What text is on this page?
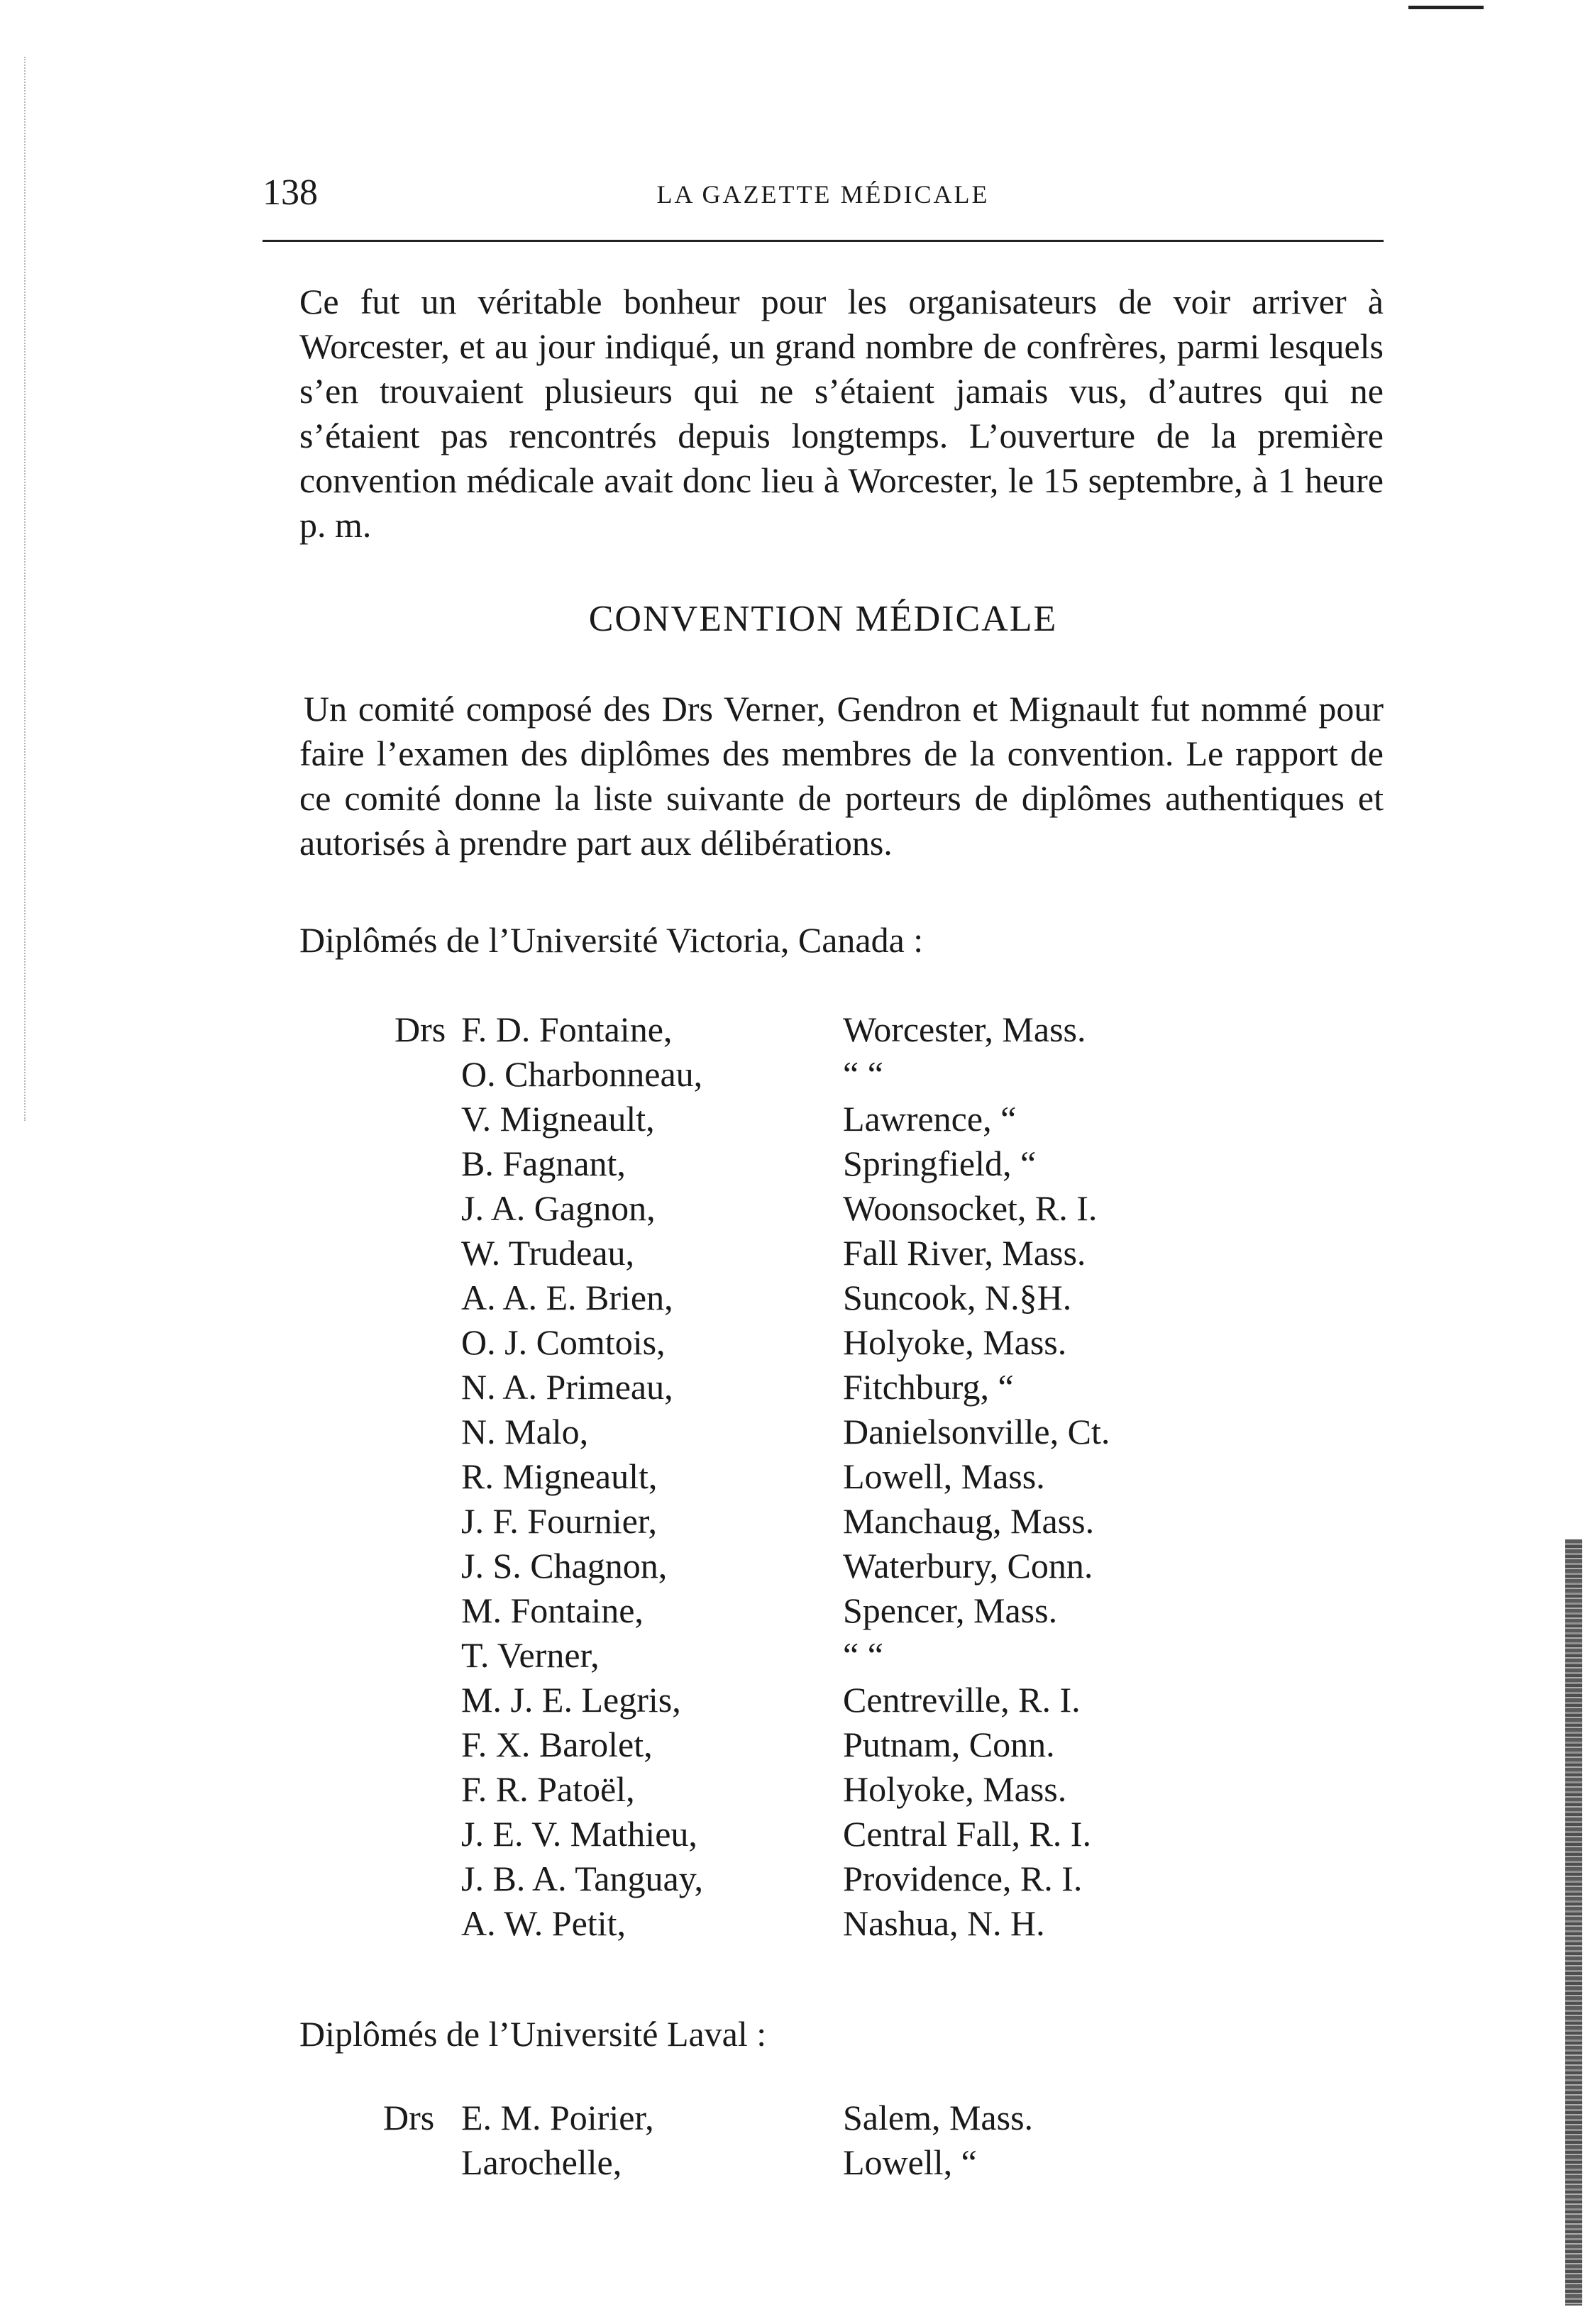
138	LA GAZETTE MÉDICALE

Ce fut un véritable bonheur pour les organisateurs de voir arriver à Worcester, et au jour indiqué, un grand nombre de confrères, parmi lesquels s’en trouvaient plusieurs qui ne s’étaient jamais vus, d’autres qui ne s’étaient pas rencontrés depuis longtemps. L’ouverture de la première convention médicale avait donc lieu à Worcester, le 15 septembre, à 1 heure p. m.

CONVENTION MÉDICALE

Un comité composé des Drs Verner, Gendron et Mignault fut nommé pour faire l’examen des diplômes des membres de la convention. Le rapport de ce comité donne la liste suivante de porteurs de diplômes authentiques et autorisés à prendre part aux délibérations.

Diplômés de l’Université Victoria, Canada :
Drs F. D. Fontaine,	Worcester, Mass.
O. Charbonneau,	“ “
V. Migneault,	Lawrence, “
B. Fagnant,	Springfield, “
J. A. Gagnon,	Woonsocket, R. I.
W. Trudeau,	Fall River, Mass.
A. A. E. Brien,	Suncook, N.§H.
O. J. Comtois,	Holyoke, Mass.
N. A. Primeau,	Fitchburg, “
N. Malo,	Danielsonville, Ct.
R. Migneault,	Lowell, Mass.
J. F. Fournier,	Manchaug, Mass.
J. S. Chagnon,	Waterbury, Conn.
M. Fontaine,	Spencer, Mass.
T. Verner,	“ “
M. J. E. Legris,	Centreville, R. I.
F. X. Barolet,	Putnam, Conn.
F. R. Patoël,	Holyoke, Mass.
J. E. V. Mathieu,	Central Fall, R. I.
J. B. A. Tanguay,	Providence, R. I.
A. W. Petit,	Nashua, N. H.
Diplômés de l’Université Laval :
Drs E. M. Poirier,	Salem, Mass.
Larochelle,	Lowell, “
